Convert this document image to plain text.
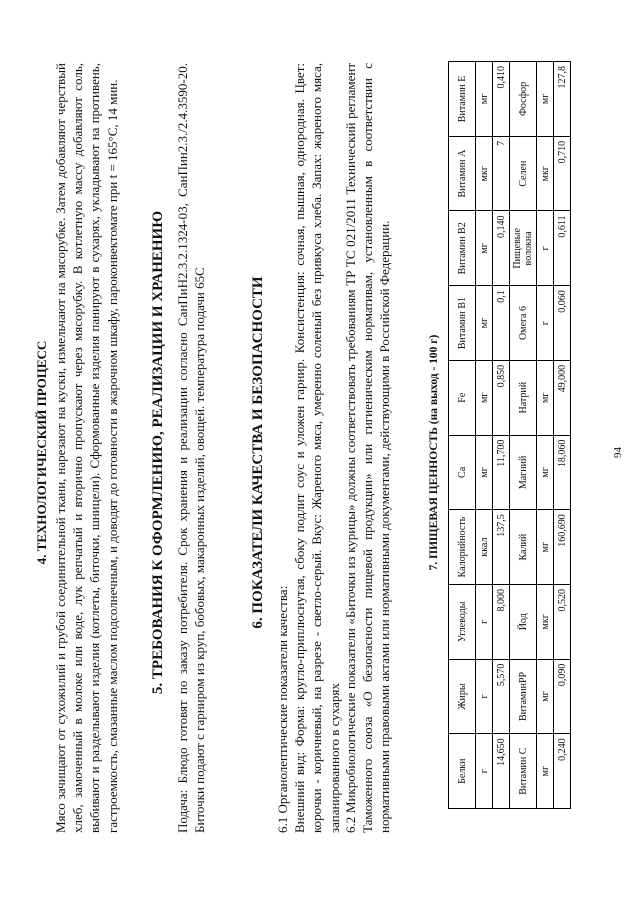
4. ТЕХНОЛОГИЧЕСКИЙ ПРОЦЕСС Мясо зачищают от сухожилий и грубой соединительной ткани, нарезают на куски, измельчают на мясорубке. Затем добавляют черствый хлеб, замоченный в молоке или воде, лук репчатый и вторично пропускают через мясорубку. В котлетную массу добавляют соль, выбивают и разделывают изделия (котлеты, биточки, шницели). Сформованные изделия панируют в сухарях, укладывают на противень, гастроемкость, смазанные маслом подсолнечным, и доводят до готовности в жарочном шкафу, пароконвектомате при t = 165°С, 14 мин. 5. ТРЕБОВАНИЯ К ОФОРМЛЕНИЮ, РЕАЛИЗАЦИИ И ХРАНЕНИЮ Подача: Блюдо готовят по заказу потребителя. Срок хранения и реализации согласно СанПиН2.3.2.1324-03, СанПин2.3./2.4.3590-20. Биточки подают с гарниром из круп, бобовых, макаронных изделий, овощей. температура подачи 65С	6. ПОКАЗАТЕЛИ КАЧЕСТВА И БЕЗОПАСНОСТИ
6.1 Органолептические показатели качества:
Внешний вид: Форма: кругло-приплюснутая, сбоку подлит соус и уложен гарнир. Консистенция: сочная, пышная, однородная. Цвет: корочки - коричневый, на разрезе - светло-серый. Вкус: Жареного мяса, умеренно соленый без привкуса хлеба. Запах: жареного мяса, запанированного в сухарях 6.2 Микробиологические показатели «Биточки из курицы» должны соответствовать требованиям ТР ТС 021/2011 Технический регламент Таможенного союза «О безопасности пищевой продукции» или гигиеническим нормативам, установленным в соответствии с нормативными правовыми актами или нормативными документами, действующими в Российской Федерации.	7. ПИЩЕВАЯ ЦЕННОСТЬ (на выход - 100 г)
Белки	Жиры	Углеводы	Калорийность	Ca	Fe	Витамин В1	Витамин В2	Витамин А	Витамин Е
г	г	г	ккал	мг	мг	мг	мг	мкг	мг
14,650	5,570	8,000	137,5	11,700	0,850	0,1	0,140	7	0,410
Витамин С	ВитаминPP	Йод	Калий	Магний	Натрий	Омега 6	Пищевые волокна	Селен	Фосфор
мг	мг	мкг	мг	мг	мг	г	г	мкг	мг
0,240	0,090	0,520	160,690	18,060	49,000	0,060	0,611	0,710	127,8
94
